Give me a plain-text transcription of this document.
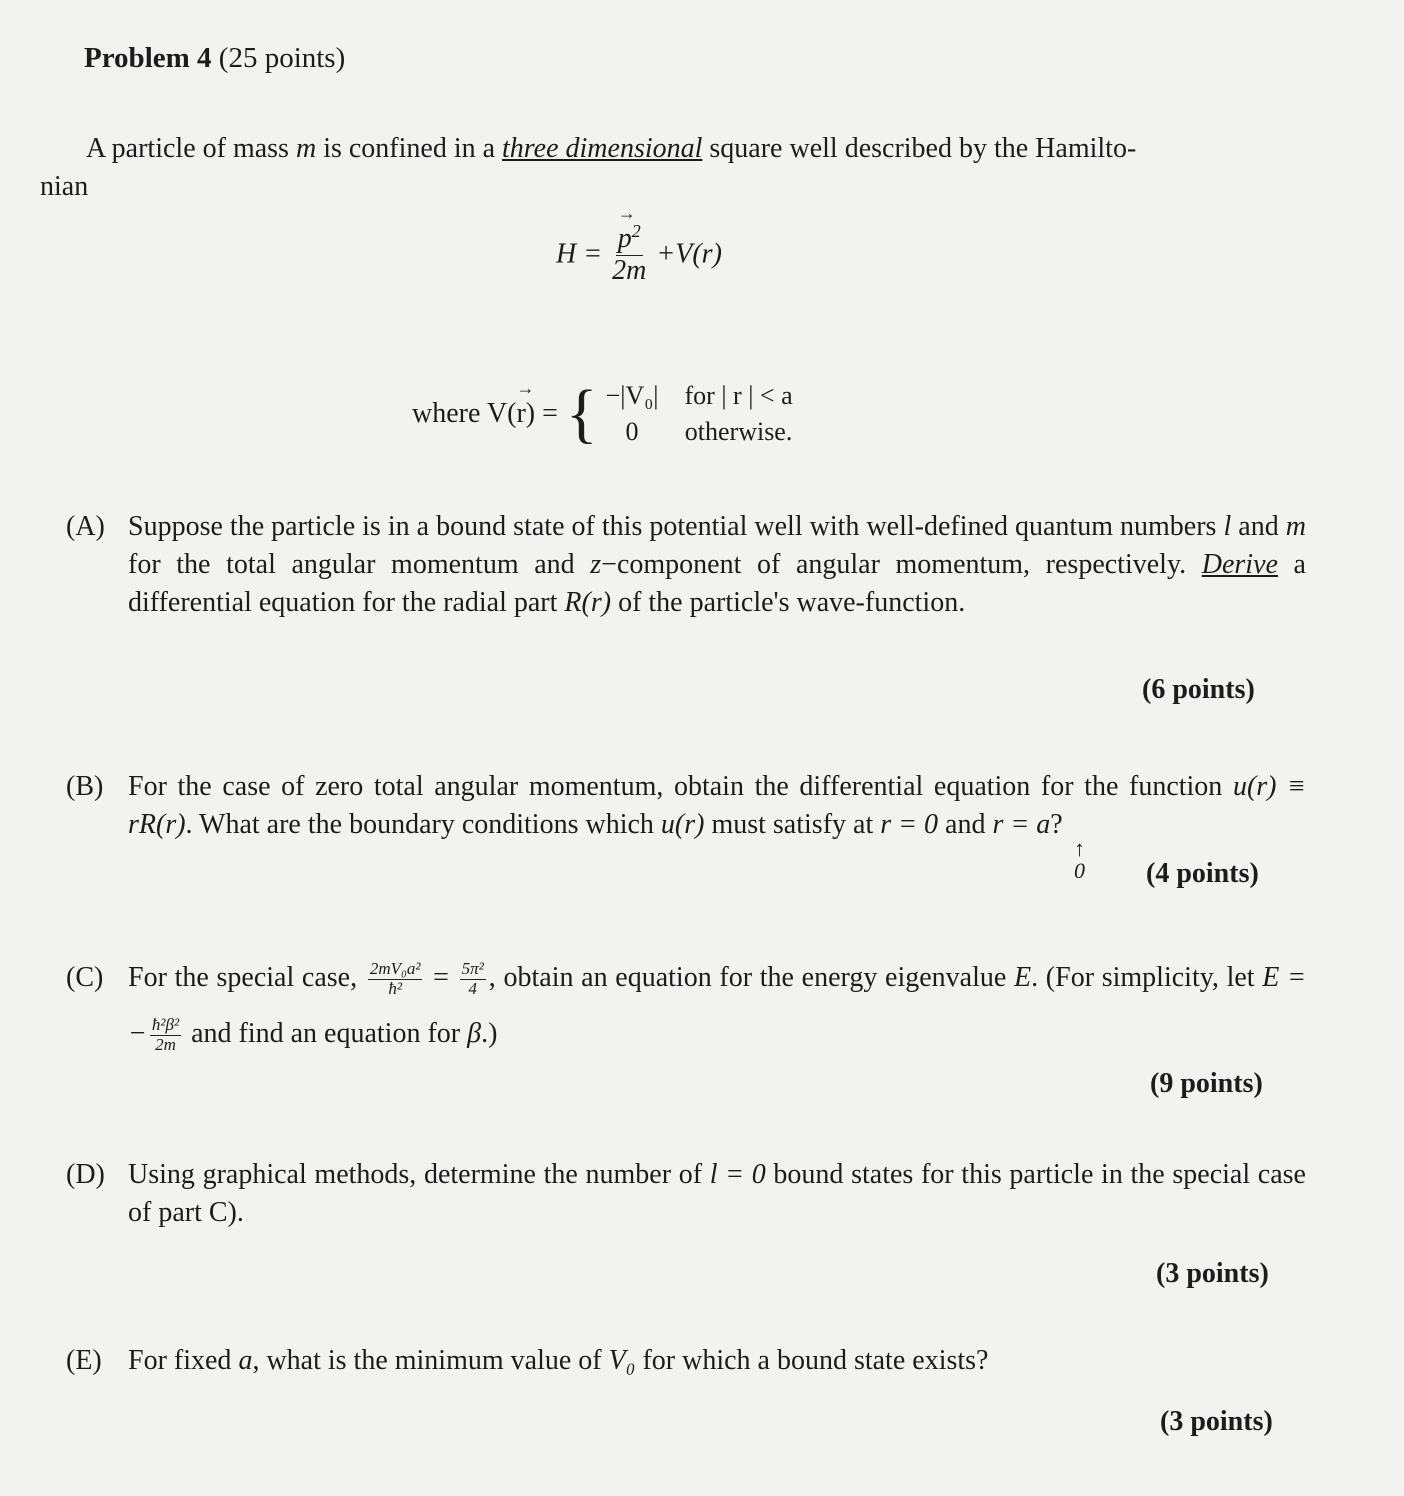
Problem 4 (25 points)
A particle of mass m is confined in a three dimensional square well described by the Hamilto-
nian
H = → $\frac{p^2}{2m} +V(r)$
where V( → r ) = { −|V₀| for | r | < a
0	otherwise.
(A) Suppose the particle is in a bound state of this potential well with well-defined quantum numbers l and m for the total angular momentum and z−component of angular momentum, respectively. Derive a differential equation for the radial part R(r) of the particle's wave-function.
(6 points)
(B) For the case of zero total angular momentum, obtain the differential equation for the function u(r) ≡ rR(r). What are the boundary conditions which u(r) must satisfy at r = 0 and r = a?
↑
0 (4 points)
(C) For the special case, $\frac{\text{2mV₀a²}}{\text{ħ²}} = \frac{\text{5π²}}{4}$ , obtain an equation for the energy eigenvalue E. (For simplicity, let E = − $\frac{\text{ħ²β²}}{2m}$ and find an equation for β.)
(9 points)
(D) Using graphical methods, determine the number of l = 0 bound states for this particle in the special case of part C).
(3 points)
(E) For fixed a, what is the minimum value of V₀ for which a bound state exists?
(3 points)
